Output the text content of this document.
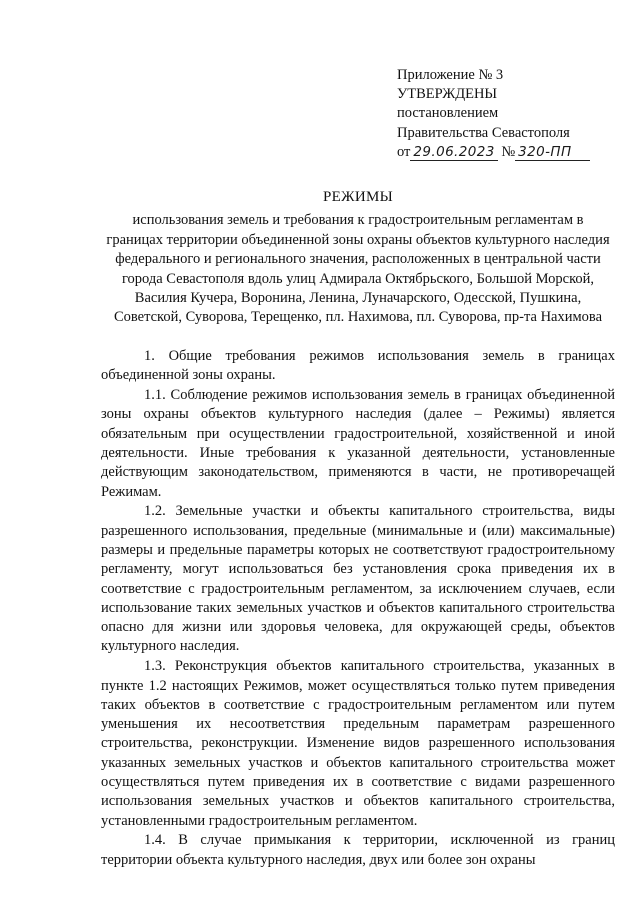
Приложение № 3
УТВЕРЖДЕНЫ
постановлением
Правительства Севастополя
от 29.06.2023 № 320-ПП
РЕЖИМЫ
использования земель и требования к градостроительным регламентам в границах территории объединенной зоны охраны объектов культурного наследия федерального и регионального значения, расположенных в центральной части города Севастополя вдоль улиц Адмирала Октябрьского, Большой Морской, Василия Кучера, Воронина, Ленина, Луначарского, Одесской, Пушкина, Советской, Суворова, Терещенко, пл. Нахимова, пл. Суворова, пр-та Нахимова

1. Общие требования режимов использования земель в границах объединенной зоны охраны.

1.1. Соблюдение режимов использования земель в границах объединенной зоны охраны объектов культурного наследия (далее – Режимы) является обязательным при осуществлении градостроительной, хозяйственной и иной деятельности. Иные требования к указанной деятельности, установленные действующим законодательством, применяются в части, не противоречащей Режимам.

1.2. Земельные участки и объекты капитального строительства, виды разрешенного использования, предельные (минимальные и (или) максимальные) размеры и предельные параметры которых не соответствуют градостроительному регламенту, могут использоваться без установления срока приведения их в соответствие с градостроительным регламентом, за исключением случаев, если использование таких земельных участков и объектов капитального строительства опасно для жизни или здоровья человека, для окружающей среды, объектов культурного наследия.

1.3. Реконструкция объектов капитального строительства, указанных в пункте 1.2 настоящих Режимов, может осуществляться только путем приведения таких объектов в соответствие с градостроительным регламентом или путем уменьшения их несоответствия предельным параметрам разрешенного строительства, реконструкции. Изменение видов разрешенного использования указанных земельных участков и объектов капитального строительства может осуществляться путем приведения их в соответствие с видами разрешенного использования земельных участков и объектов капитального строительства, установленными градостроительным регламентом.

1.4. В случае примыкания к территории, исключенной из границ территории объекта культурного наследия, двух или более зон охраны
